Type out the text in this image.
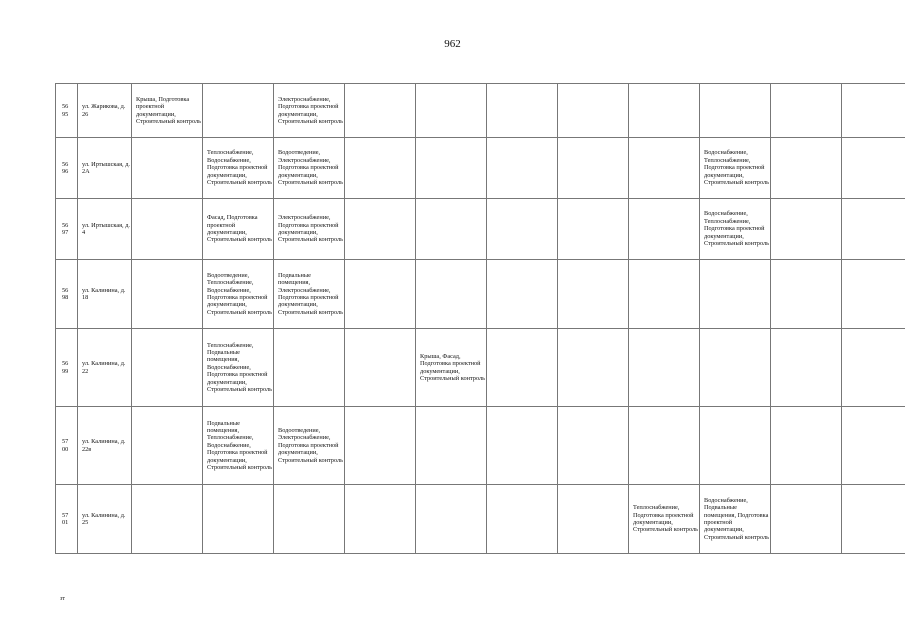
962
56
95	ул. Жарикова, д. 26	Крыша, Подготовка проектной документации, Строительный контроль		Электроснабжение, Подготовка проектной документации, Строительный контроль								

56
96	ул. Иртышская, д. 2А		Теплоснабжение, Водоснабжение, Подготовка проектной документации, Строительный контроль	Водоотведение, Электроснабжение, Подготовка проектной документации, Строительный контроль						Водоснабжение, Теплоснабжение, Подготовка проектной документации, Строительный контроль		

56
97	ул. Иртышская, д. 4		Фасад, Подготовка проектной документации, Строительный контроль	Электроснабжение, Подготовка проектной документации, Строительный контроль						Водоснабжение, Теплоснабжение, Подготовка проектной документации, Строительный контроль		

56
98	ул. Калинина, д. 18		Водоотведение, Теплоснабжение, Водоснабжение, Подготовка проектной документации, Строительный контроль	Подвальные помещения, Электроснабжение, Подготовка проектной документации, Строительный контроль								

56
99	ул. Калинина, д. 22		Теплоснабжение, Подвальные помещения, Водоснабжение, Подготовка проектной документации, Строительный контроль			Крыша, Фасад, Подготовка проектной документации, Строительный контроль						

57
00	ул. Калинина, д. 22в		Подвальные помещения, Теплоснабжение, Водоснабжение, Подготовка проектной документации, Строительный контроль	Водоотведение, Электроснабжение, Подготовка проектной документации, Строительный контроль								

57
01	ул. Калинина, д. 25								Теплоснабжение, Подготовка проектной документации, Строительный контроль	Водоснабжение, Подвальные помещения, Подготовка проектной документации, Строительный контроль		
зт
